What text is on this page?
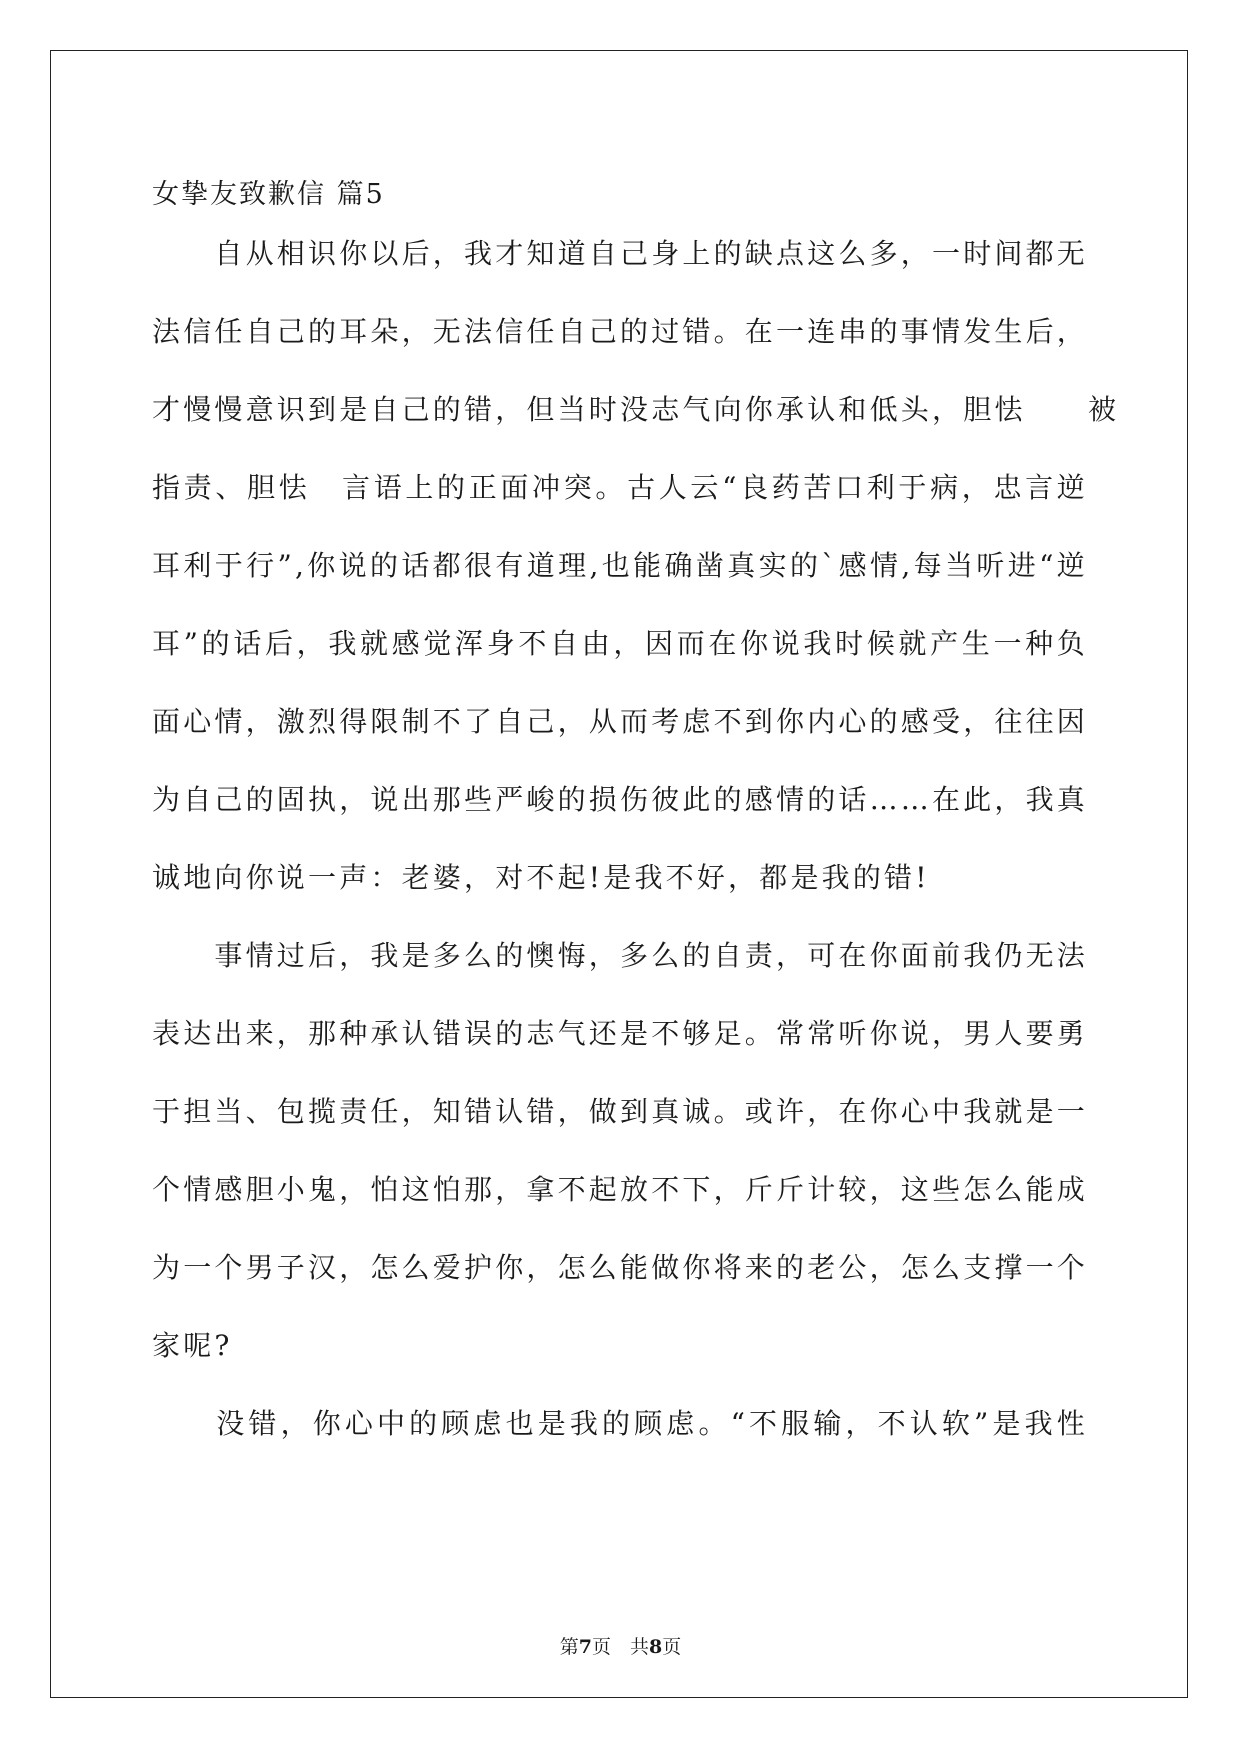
女挚友致歉信 篇5
　　自从相识你以后，我才知道自己身上的缺点这么多，一时间都无
法信任自己的耳朵，无法信任自己的过错。在一连串的事情发生后，
才慢慢意识到是自己的错，但当时没志气向你承认和低头，胆怯　　被
指责、胆怯　言语上的正面冲突。古人云“良药苦口利于病，忠言逆
耳利于行”,你说的话都很有道理,也能确凿真实的`感情,每当听进“逆
耳”的话后，我就感觉浑身不自由，因而在你说我时候就产生一种负
面心情，激烈得限制不了自己，从而考虑不到你内心的感受，往往因
为自己的固执，说出那些严峻的损伤彼此的感情的话……在此，我真
诚地向你说一声：老婆，对不起!是我不好，都是我的错!
　　事情过后，我是多么的懊悔，多么的自责，可在你面前我仍无法
表达出来，那种承认错误的志气还是不够足。常常听你说，男人要勇
于担当、包揽责任，知错认错，做到真诚。或许，在你心中我就是一
个情感胆小鬼，怕这怕那，拿不起放不下，斤斤计较，这些怎么能成
为一个男子汉，怎么爱护你，怎么能做你将来的老公，怎么支撑一个
家呢?
　　没错，你心中的顾虑也是我的顾虑。“不服输，不认软”是我性
第7页　共8页
